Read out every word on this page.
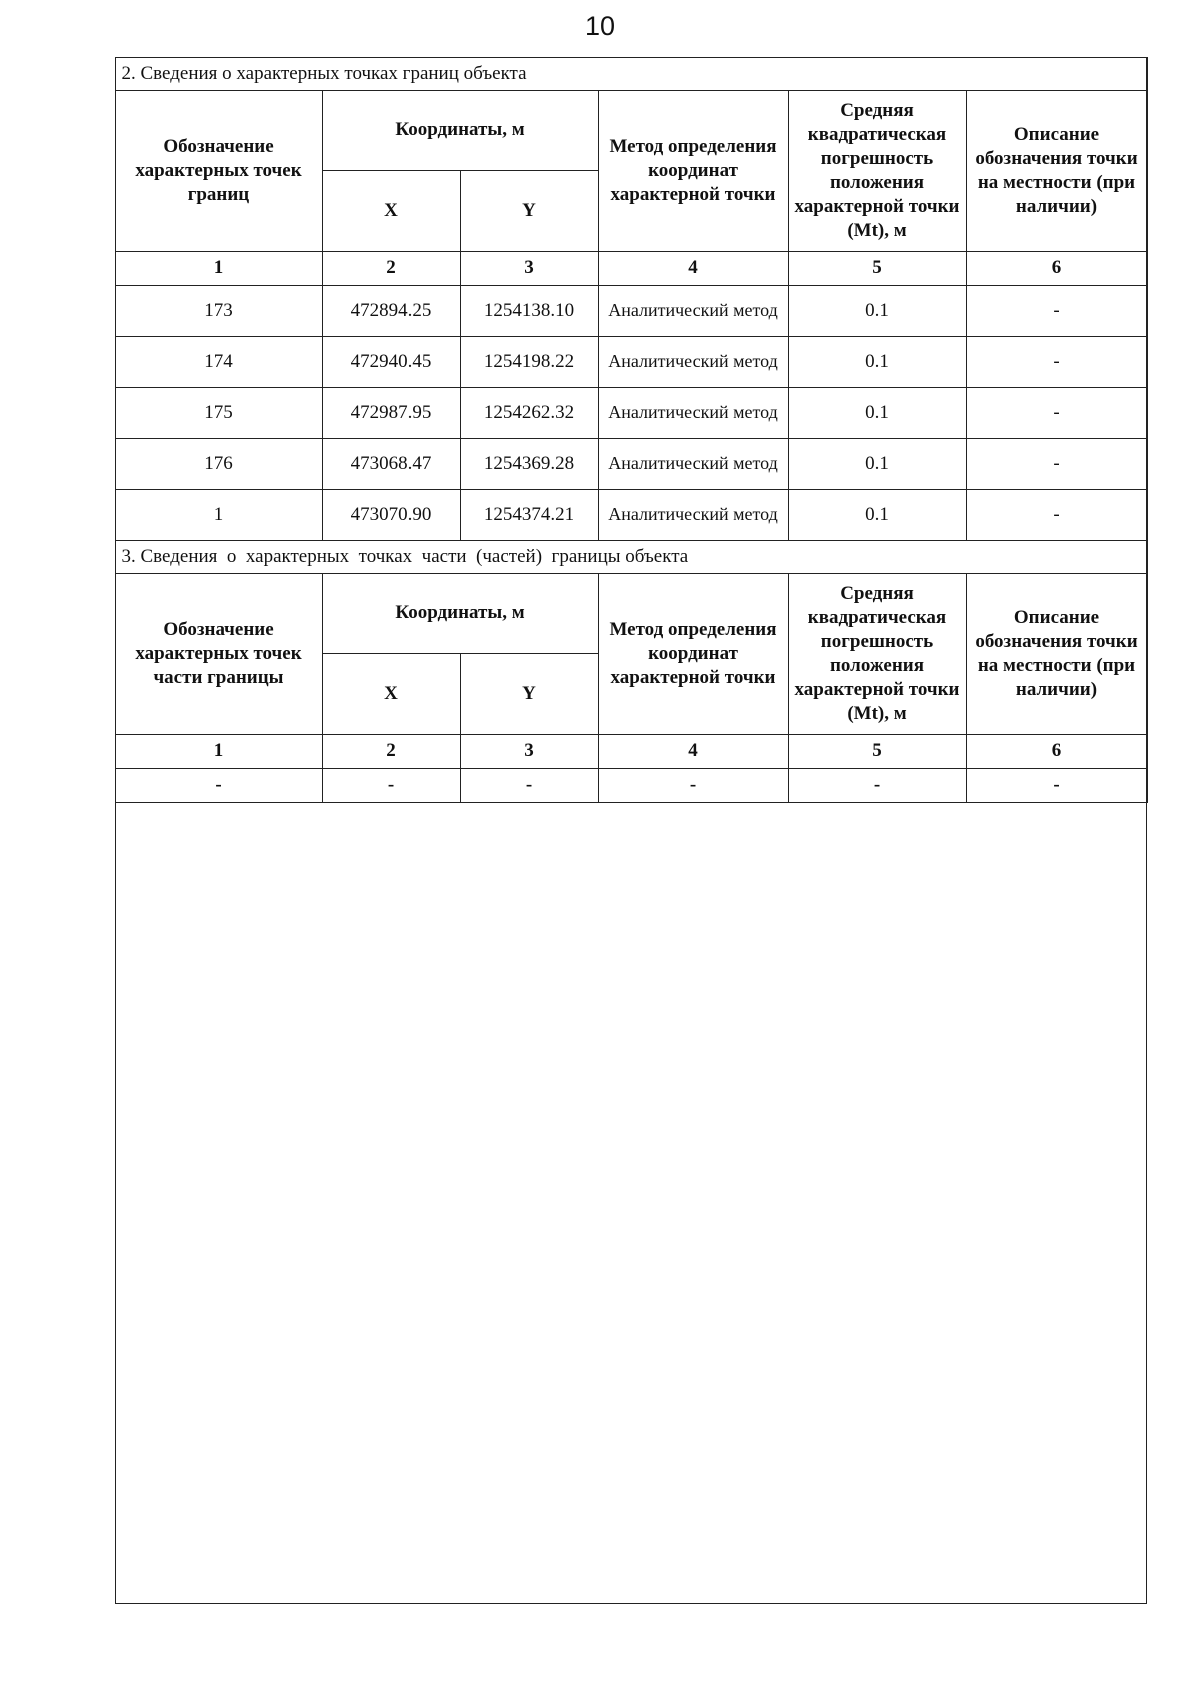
10
2. Сведения о характерных точках границ объекта					
Обозначение характерных точек границ	Координаты, м		Метод определения координат характерной точки	Средняя квадратическая погрешность положения характерной точки (Mt), м	Описание обозначения точки на местности (при наличии)
	X	Y			
1	2	3	4	5	6
173	472894.25	1254138.10	Аналитический метод	0.1	-
174	472940.45	1254198.22	Аналитический метод	0.1	-
175	472987.95	1254262.32	Аналитический метод	0.1	-
176	473068.47	1254369.28	Аналитический метод	0.1	-
1	473070.90	1254374.21	Аналитический метод	0.1	-
3. Сведения  о  характерных  точках  части  (частей)  границы объекта					
Обозначение характерных точек части границы	Координаты, м		Метод определения координат характерной точки	Средняя квадратическая погрешность положения характерной точки (Mt), м	Описание обозначения точки на местности (при наличии)
	X	Y			
1	2	3	4	5	6
-	-	-	-	-	-
